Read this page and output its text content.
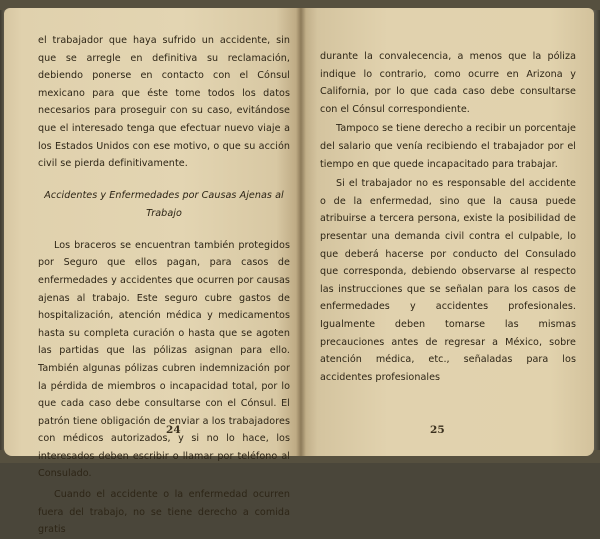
el trabajador que haya sufrido un accidente, sin que se arregle en definitiva su reclamación, debiendo ponerse en contacto con el Cónsul mexicano para que éste tome todos los datos necesarios para proseguir con su caso, evitándose que el interesado tenga que efectuar nuevo viaje a los Estados Unidos con ese motivo, o que su acción civil se pierda definitivamente.

Accidentes y Enfermedades por Causas Ajenas al Trabajo

Los braceros se encuentran también protegidos por Seguro que ellos pagan, para casos de enfermedades y accidentes que ocurren por causas ajenas al trabajo. Este seguro cubre gastos de hospitalización, atención médica y medicamentos hasta su completa curación o hasta que se agoten las partidas que las pólizas asignan para ello. También algunas pólizas cubren indemnización por la pérdida de miembros o incapacidad total, por lo que cada caso debe consultarse con el Cónsul. El patrón tiene obligación de enviar a los trabajadores con médicos autorizados, y si no lo hace, los interesados deben escribir o llamar por teléfono al Consulado.

Cuando el accidente o la enfermedad ocurren fuera del trabajo, no se tiene derecho a comida gratis

24

durante la convalecencia, a menos que la póliza indique lo contrario, como ocurre en Arizona y California, por lo que cada caso debe consultarse con el Cónsul correspondiente.

Tampoco se tiene derecho a recibir un porcentaje del salario que venía recibiendo el trabajador por el tiempo en que quede incapacitado para trabajar.

Si el trabajador no es responsable del accidente o de la enfermedad, sino que la causa puede atribuirse a tercera persona, existe la posibilidad de presentar una demanda civil contra el culpable, lo que deberá hacerse por conducto del Consulado que corresponda, debiendo observarse al respecto las instrucciones que se señalan para los casos de enfermedades y accidentes profesionales. Igualmente deben tomarse las mismas precauciones antes de regresar a México, sobre atención médica, etc., señaladas para los accidentes profesionales

25
